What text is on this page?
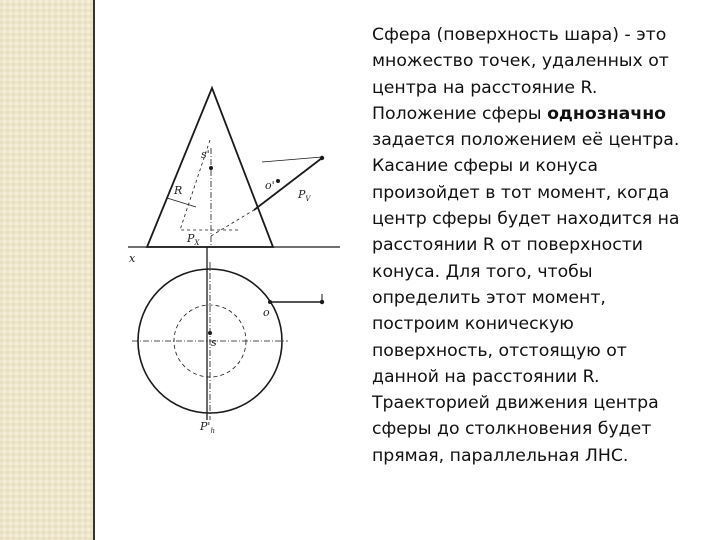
s'
R	o'
$P_V$
$P_X$
x
o
s
$P'_h$
Сфера (поверхность шара) - это
множество точек, удаленных от
центра на расстояние R.
Положение сферы однозначно
задается положением её центра.
Касание сферы и конуса
произойдет в тот момент, когда
центр сферы будет находится на
расстоянии R от поверхности
конуса. Для того, чтобы
определить этот момент,
построим коническую
поверхность, отстоящую от
данной на расстоянии R.
Траекторией движения центра
сферы до столкновения будет
прямая, параллельная ЛНС.
